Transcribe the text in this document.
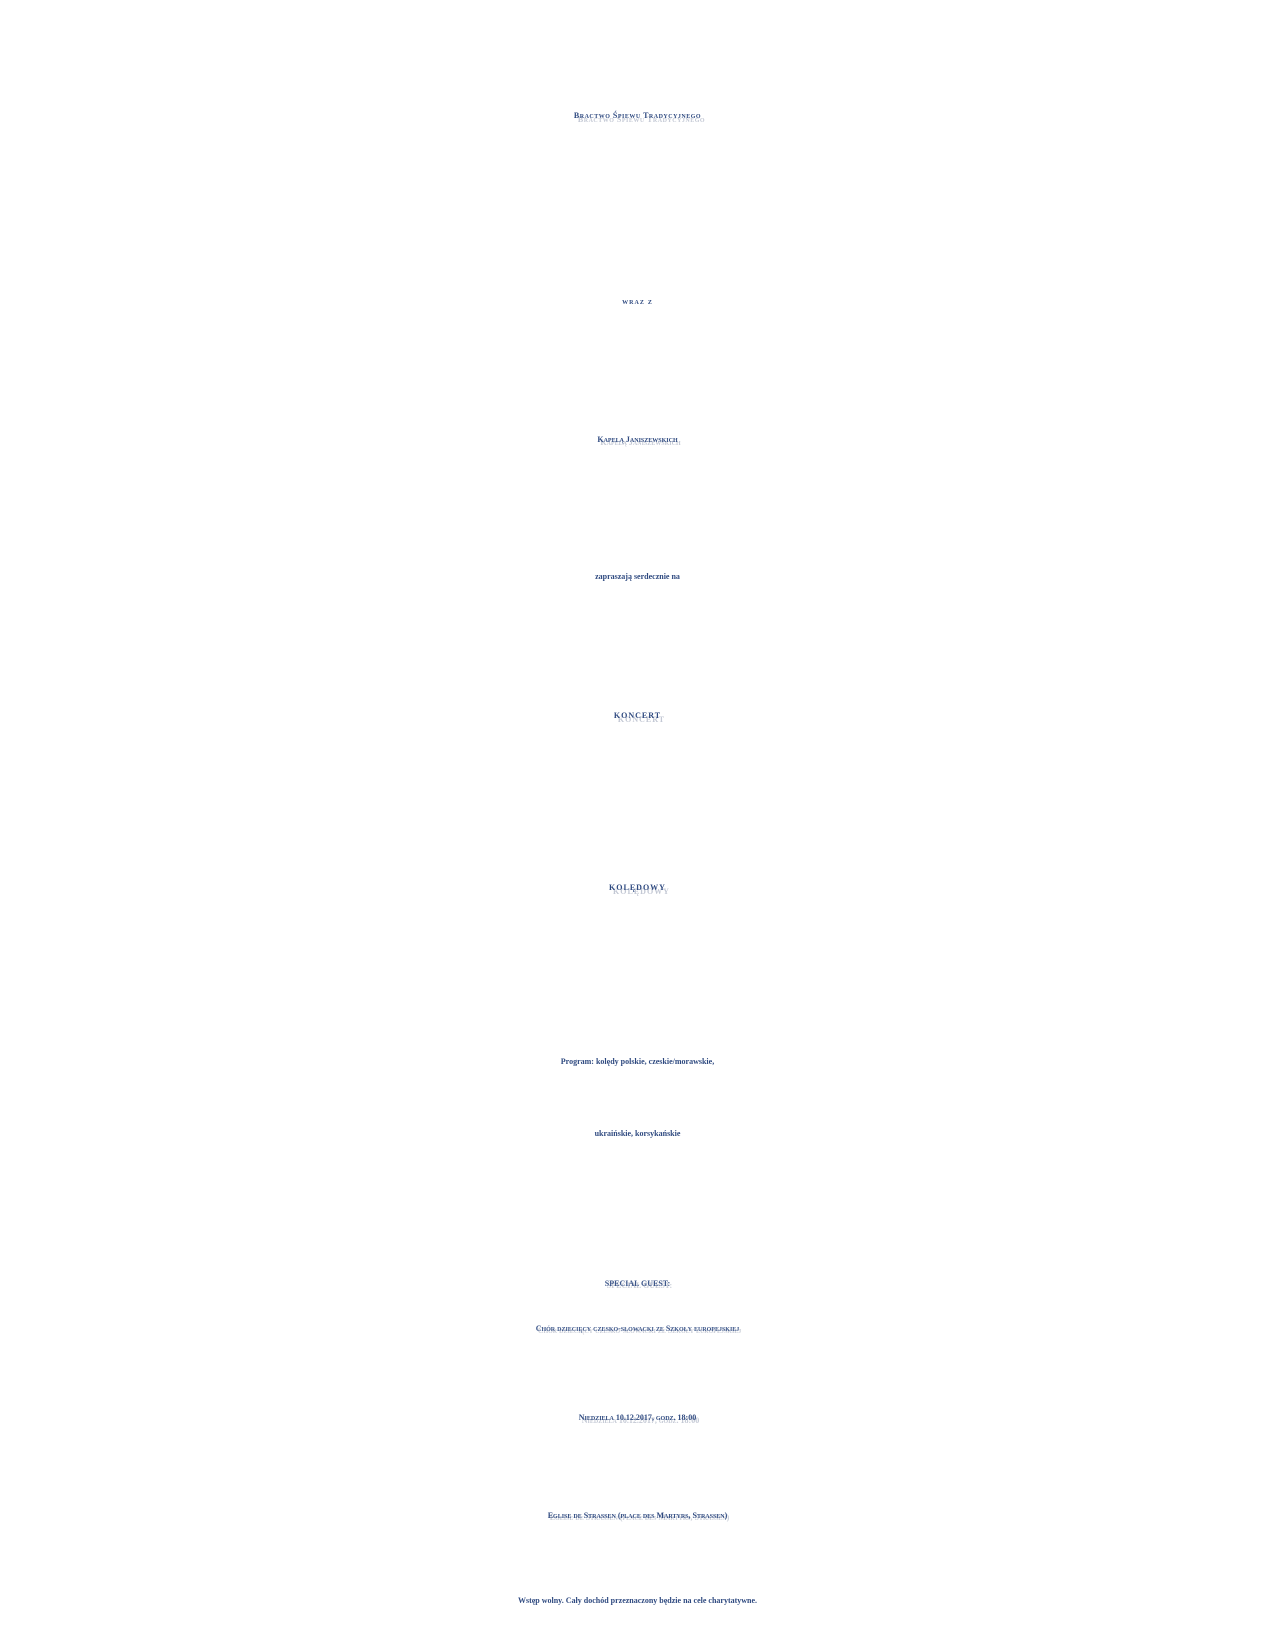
Bractwo Śpiewu Tradycyjnego
wraz z
Kapelą Janiszewskich
zapraszają serdecznie na
KONCERT
KOLĘDOWY
Program: kolędy polskie, czeskie/morawskie,
ukraińskie, korsykańskie
SPECIAL GUEST:
Chór dziecięcy czesko-słowacki ze Szkoły europejskiej
Niedziela 10.12.2017, godz. 18:00
Eglise de Strassen (place des Martyrs, Strassen)
Wstęp wolny. Cały dochód przeznaczony będzie na cele charytatywne.
